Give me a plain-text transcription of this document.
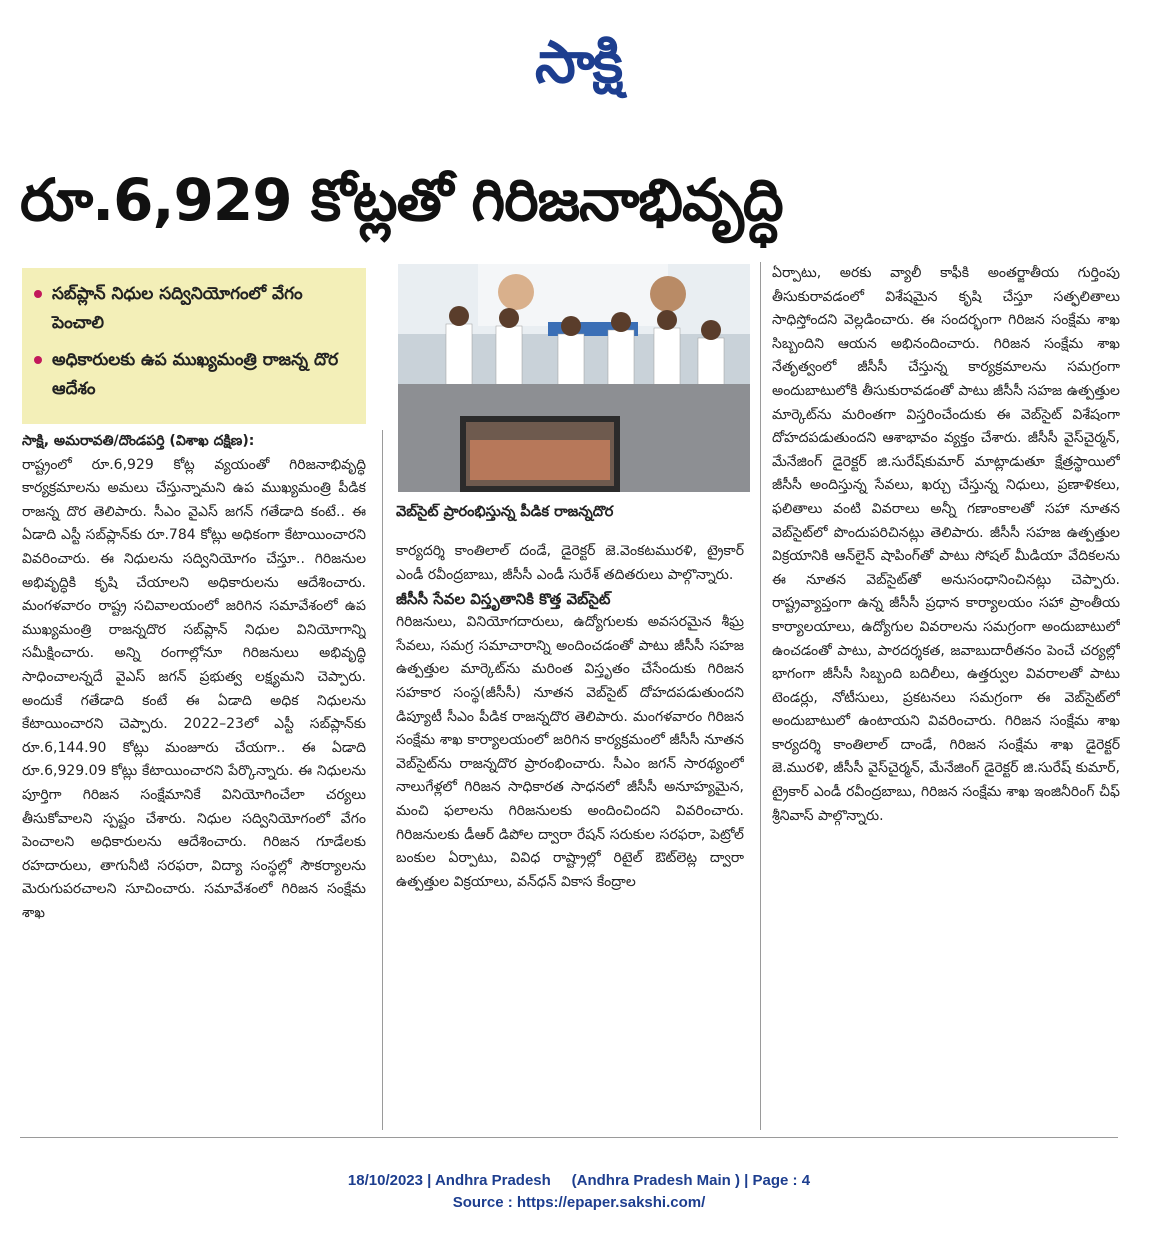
సాక్షి
రూ.6,929 కోట్లతో గిరిజనాభివృద్ధి
సబ్‌ప్లాన్‌ నిధుల సద్వినియోగంలో వేగం పెంచాలి
అధికారులకు ఉప ముఖ్యమంత్రి రాజన్న దొర ఆదేశం

సాక్షి, అమరావతి/దొండపర్తి (విశాఖ దక్షిణ):

రాష్ట్రంలో రూ.6,929 కోట్ల వ్యయంతో గిరిజనాభివృద్ధి కార్యక్రమాలను అమలు చేస్తున్నామని ఉప ముఖ్యమంత్రి పీడిక రాజన్న దొర తెలిపారు. సీఎం వైఎస్‌ జగన్‌ గతేడాది కంటే.. ఈ ఏడాది ఎస్టీ సబ్‌ప్లాన్‌కు రూ.784 కోట్లు అధికంగా కేటాయించారని వివరించారు. ఈ నిధులను సద్వినియోగం చేస్తూ.. గిరిజనుల అభివృద్ధికి కృషి చేయాలని అధికారులను ఆదేశించారు. మంగళవారం రాష్ట్ర సచివాలయంలో జరిగిన సమావేశంలో ఉప ముఖ్యమంత్రి రాజన్నదొర సబ్‌ప్లాన్‌ నిధుల వినియోగాన్ని సమీక్షించారు. అన్ని రంగాల్లోనూ గిరిజనులు అభివృద్ధి సాధించాలన్నదే వైఎస్‌ జగన్‌ ప్రభుత్వ లక్ష్యమని చెప్పారు. అందుకే గతేడాది కంటే ఈ ఏడాది అధిక నిధులను కేటాయించారని చెప్పారు. 2022–23లో ఎస్టీ సబ్‌ప్లాన్‌కు రూ.6,144.90 కోట్లు మంజూరు చేయగా.. ఈ ఏడాది రూ.6,929.09 కోట్లు కేటాయించారని పేర్కొన్నారు. ఈ నిధులను పూర్తిగా గిరిజన సంక్షేమానికే వినియోగించేలా చర్యలు తీసుకోవాలని స్పష్టం చేశారు. నిధుల సద్వినియోగంలో వేగం పెంచాలని అధికారులను ఆదేశించారు. గిరిజన గూడేలకు రహదారులు, తాగునీటి సరఫరా, విద్యా సంస్థల్లో సౌకర్యాలను మెరుగుపరచాలని సూచించారు. సమావేశంలో గిరిజన సంక్షేమ శాఖ

వెబ్‌సైట్‌ ప్రారంభిస్తున్న పీడిక రాజన్నదొర

కార్యదర్శి కాంతిలాల్‌ దండే, డైరెక్టర్‌ జె.వెంకటమురళి, ట్రైకార్‌ ఎండీ రవీంద్రబాబు, జీసీసీ ఎండీ సురేశ్‌ తదితరులు పాల్గొన్నారు.

జీసీసీ సేవల విస్తృతానికి కొత్త వెబ్‌సైట్‌

గిరిజనులు, వినియోగదారులు, ఉద్యోగులకు అవసరమైన శీఘ్ర సేవలు, సమగ్ర సమాచారాన్ని అందించడంతో పాటు జీసీసీ సహజ ఉత్పత్తుల మార్కెట్‌ను మరింత విస్తృతం చేసేందుకు గిరిజన సహకార సంస్థ(జీసీసీ) నూతన వెబ్‌సైట్‌ దోహదపడుతుందని డిప్యూటీ సీఎం పీడిక రాజన్నదొర తెలిపారు. మంగళవారం గిరిజన సంక్షేమ శాఖ కార్యాలయంలో జరిగిన కార్యక్రమంలో జీసీసీ నూతన వెబ్‌సైట్‌ను రాజన్నదొర ప్రారంభించారు. సీఎం జగన్‌ సారథ్యంలో నాలుగేళ్లలో గిరిజన సాధికారత సాధనలో జీసీసీ అనూహ్యమైన, మంచి ఫలాలను గిరిజనులకు అందించిందని వివరించారు. గిరిజనులకు డీఆర్‌ డిపోల ద్వారా రేషన్‌ సరుకుల సరఫరా, పెట్రోల్‌ బంకుల ఏర్పాటు, వివిధ రాష్ట్రాల్లో రిటైల్‌ ఔట్‌లెట్ల ద్వారా ఉత్పత్తుల విక్రయాలు, వన్‌ధన్‌ వికాస కేంద్రాల

ఏర్పాటు, అరకు వ్యాలీ కాఫీకి అంతర్జాతీయ గుర్తింపు తీసుకురావడంలో విశేషమైన కృషి చేస్తూ సత్ఫలితాలు సాధిస్తోందని వెల్లడించారు. ఈ సందర్భంగా గిరిజన సంక్షేమ శాఖ సిబ్బందిని ఆయన అభినందించారు. గిరిజన సంక్షేమ శాఖ నేతృత్వంలో జీసీసీ చేస్తున్న కార్యక్రమాలను సమగ్రంగా అందుబాటులోకి తీసుకురావడంతో పాటు జీసీసీ సహజ ఉత్పత్తుల మార్కెట్‌ను మరింతగా విస్తరించేందుకు ఈ వెబ్‌సైట్‌ విశేషంగా దోహదపడుతుందని ఆశాభావం వ్యక్తం చేశారు. జీసీసీ వైస్‌చైర్మన్, మేనేజింగ్‌ డైరెక్టర్‌ జి.సురేష్‌కుమార్‌ మాట్లాడుతూ క్షేత్రస్థాయిలో జీసీసీ అందిస్తున్న సేవలు, ఖర్చు చేస్తున్న నిధులు, ప్రణాళికలు, ఫలితాలు వంటి వివరాలు అన్నీ గణాంకాలతో సహా నూతన వెబ్‌సైట్‌లో పొందుపరిచినట్లు తెలిపారు. జీసీసీ సహజ ఉత్పత్తుల విక్రయానికి ఆన్‌లైన్‌ షాపింగ్‌తో పాటు సోషల్‌ మీడియా వేదికలను ఈ నూతన వెబ్‌సైట్‌తో అనుసంధానించినట్లు చెప్పారు. రాష్ట్రవ్యాప్తంగా ఉన్న జీసీసీ ప్రధాన కార్యాలయం సహా ప్రాంతీయ కార్యాలయాలు, ఉద్యోగుల వివరాలను సమగ్రంగా అందుబాటులో ఉంచడంతో పాటు, పారదర్శకత, జవాబుదారీతనం పెంచే చర్యల్లో భాగంగా జీసీసీ సిబ్బంది బదిలీలు, ఉత్తర్వుల వివరాలతో పాటు టెండర్లు, నోటీసులు, ప్రకటనలు సమగ్రంగా ఈ వెబ్‌సైట్‌లో అందుబాటులో ఉంటాయని వివరించారు. గిరిజన సంక్షేమ శాఖ కార్యదర్శి కాంతిలాల్‌ దాండే, గిరిజన సంక్షేమ శాఖ డైరెక్టర్‌ జె.మురళి, జీసీసీ వైస్‌చైర్మన్, మేనేజింగ్‌ డైరెక్టర్‌ జి.సురేష్‌ కుమార్, ట్రైకార్‌ ఎండీ రవీంద్రబాబు, గిరిజన సంక్షేమ శాఖ ఇంజినీరింగ్‌ చీఫ్‌ శ్రీనివాస్‌ పాల్గొన్నారు.

18/10/2023 | Andhra Pradesh     (Andhra Pradesh Main ) | Page : 4
Source : https://epaper.sakshi.com/
